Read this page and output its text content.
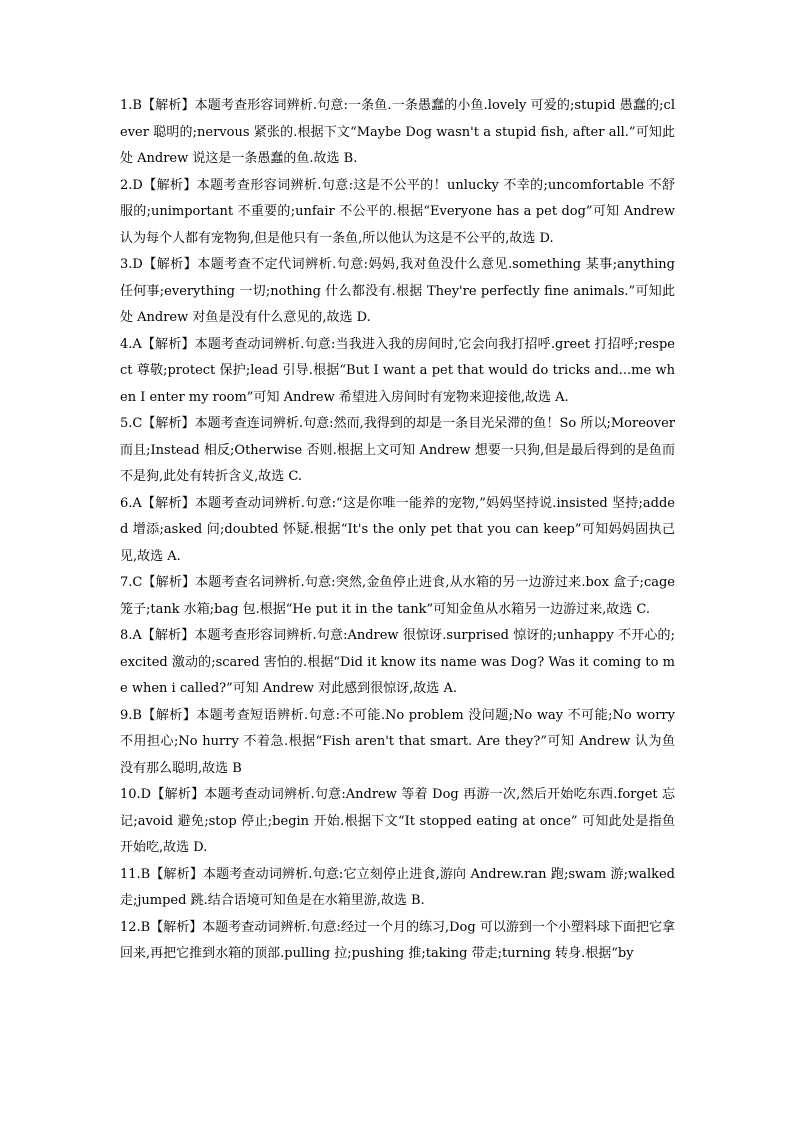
1.B【解析】本题考查形容词辨析.句意:一条鱼.一条愚蠢的小鱼.lovely 可爱的;stupid 愚蠢的;clever 聪明的;nervous 紧张的.根据下文“Maybe Dog wasn't a stupid fish, after all.”可知此处 Andrew 说这是一条愚蠢的鱼.故选 B.

2.D【解析】本题考查形容词辨析.句意:这是不公平的！unlucky 不幸的;uncomfortable 不舒服的;unimportant 不重要的;unfair 不公平的.根据“Everyone has a pet dog”可知 Andrew 认为每个人都有宠物狗,但是他只有一条鱼,所以他认为这是不公平的,故选 D.

3.D【解析】本题考查不定代词辨析.句意:妈妈,我对鱼没什么意见.something 某事;anything 任何事;everything 一切;nothing 什么都没有.根据 They're perfectly fine animals.”可知此处 Andrew 对鱼是没有什么意见的,故选 D.

4.A【解析】本题考查动词辨析.句意:当我进入我的房间时,它会向我打招呼.greet 打招呼;respect 尊敬;protect 保护;lead 引导.根据“But I want a pet that would do tricks and...me when I enter my room”可知 Andrew 希望进入房间时有宠物来迎接他,故选 A.

5.C【解析】本题考查连词辨析.句意:然而,我得到的却是一条目光呆滞的鱼！So 所以;Moreover 而且;Instead 相反;Otherwise 否则.根据上文可知 Andrew 想要一只狗,但是最后得到的是鱼而不是狗,此处有转折含义,故选 C.

6.A【解析】本题考查动词辨析.句意:“这是你唯一能养的宠物,”妈妈坚持说.insisted 坚持;added 增添;asked 问;doubted 怀疑.根据“It's the only pet that you can keep”可知妈妈固执己见,故选 A.

7.C【解析】本题考查名词辨析.句意:突然,金鱼停止进食,从水箱的另一边游过来.box 盒子;cage 笼子;tank 水箱;bag 包.根据“He put it in the tank”可知金鱼从水箱另一边游过来,故选 C.

8.A【解析】本题考查形容词辨析.句意:Andrew 很惊讶.surprised 惊讶的;unhappy 不开心的;excited 激动的;scared 害怕的.根据“Did it know its name was Dog? Was it coming to me when i called?”可知 Andrew 对此感到很惊讶,故选 A.

9.B【解析】本题考查短语辨析.句意:不可能.No problem 没问题;No way 不可能;No worry 不用担心;No hurry 不着急.根据“Fish aren't that smart. Are they?”可知 Andrew 认为鱼没有那么聪明,故选 B

10.D【解析】本题考查动词辨析.句意:Andrew 等着 Dog 再游一次,然后开始吃东西.forget 忘记;avoid 避免;stop 停止;begin 开始.根据下文“It stopped eating at once” 可知此处是指鱼开始吃,故选 D.

11.B【解析】本题考查动词辨析.句意:它立刻停止进食,游向 Andrew.ran 跑;swam 游;walked 走;jumped 跳.结合语境可知鱼是在水箱里游,故选 B.

12.B【解析】本题考查动词辨析.句意:经过一个月的练习,Dog 可以游到一个小塑料球下面把它拿回来,再把它推到水箱的顶部.pulling 拉;pushing 推;taking 带走;turning 转身.根据“by
